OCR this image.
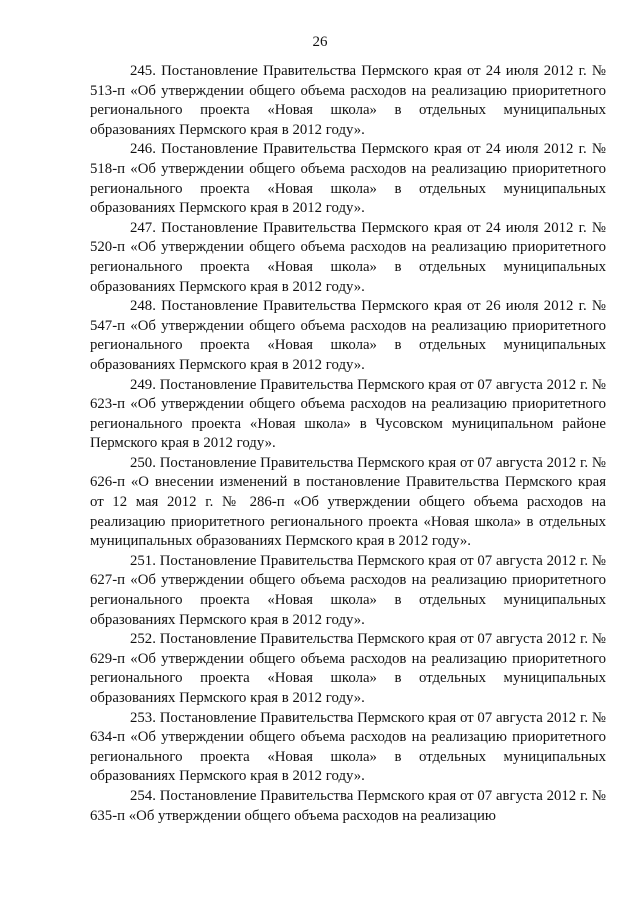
26

245. Постановление Правительства Пермского края от 24 июля 2012 г. № 513-п «Об утверждении общего объема расходов на реализацию приоритетного регионального проекта «Новая школа» в отдельных муниципальных образованиях Пермского края в 2012 году».

246. Постановление Правительства Пермского края от 24 июля 2012 г. № 518-п «Об утверждении общего объема расходов на реализацию приоритетного регионального проекта «Новая школа» в отдельных муниципальных образованиях Пермского края в 2012 году».

247. Постановление Правительства Пермского края от 24 июля 2012 г. № 520-п «Об утверждении общего объема расходов на реализацию приоритетного регионального проекта «Новая школа» в отдельных муниципальных образованиях Пермского края в 2012 году».

248. Постановление Правительства Пермского края от 26 июля 2012 г. № 547-п «Об утверждении общего объема расходов на реализацию приоритетного регионального проекта «Новая школа» в отдельных муниципальных образованиях Пермского края в 2012 году».

249. Постановление Правительства Пермского края от 07 августа 2012 г. № 623-п «Об утверждении общего объема расходов на реализацию приоритетного регионального проекта «Новая школа» в Чусовском муниципальном районе Пермского края в 2012 году».

250. Постановление Правительства Пермского края от 07 августа 2012 г. № 626-п «О внесении изменений в постановление Правительства Пермского края от 12 мая 2012 г. № 286-п «Об утверждении общего объема расходов на реализацию приоритетного регионального проекта «Новая школа» в отдельных муниципальных образованиях Пермского края в 2012 году».

251. Постановление Правительства Пермского края от 07 августа 2012 г. № 627-п «Об утверждении общего объема расходов на реализацию приоритетного регионального проекта «Новая школа» в отдельных муниципальных образованиях Пермского края в 2012 году».

252. Постановление Правительства Пермского края от 07 августа 2012 г. № 629-п «Об утверждении общего объема расходов на реализацию приоритетного регионального проекта «Новая школа» в отдельных муниципальных образованиях Пермского края в 2012 году».

253. Постановление Правительства Пермского края от 07 августа 2012 г. № 634-п «Об утверждении общего объема расходов на реализацию приоритетного регионального проекта «Новая школа» в отдельных муниципальных образованиях Пермского края в 2012 году».

254. Постановление Правительства Пермского края от 07 августа 2012 г. № 635-п «Об утверждении общего объема расходов на реализацию
